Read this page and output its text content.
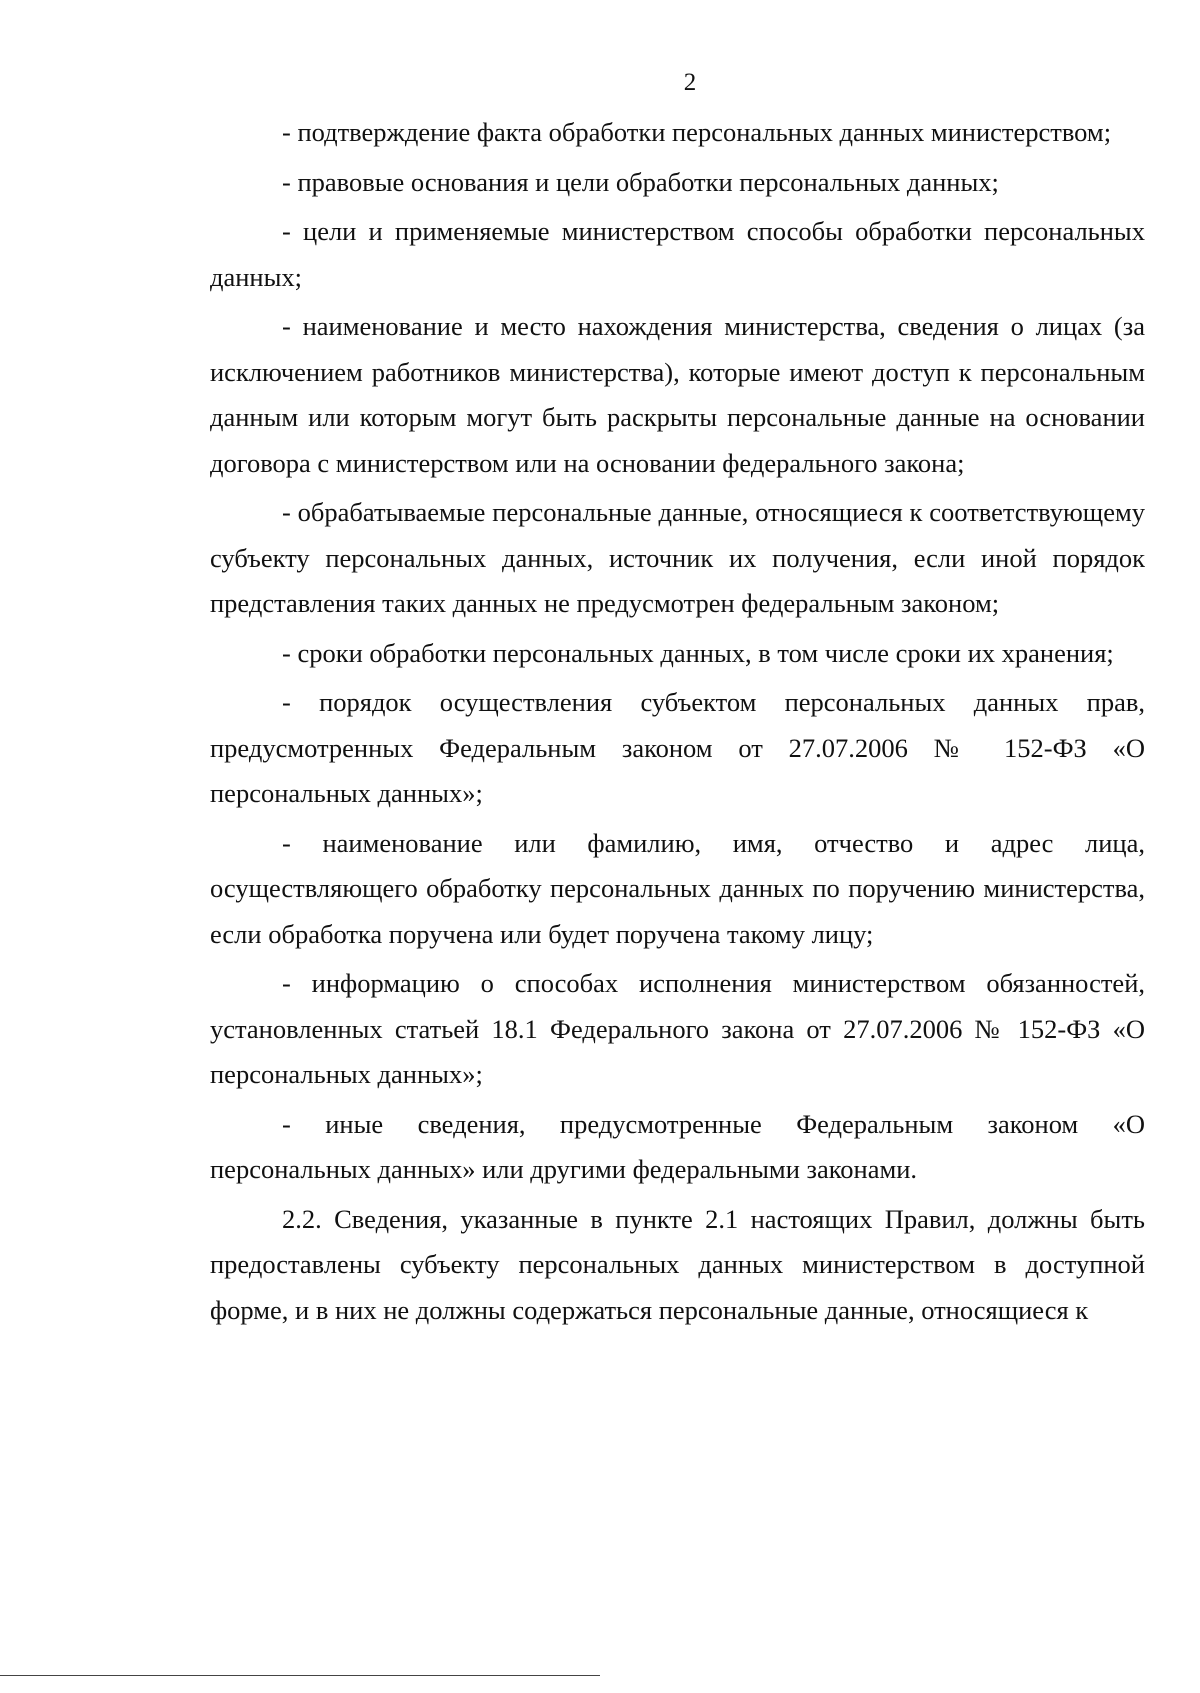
2

- подтверждение факта обработки персональных данных министерством;

- правовые основания и цели обработки персональных данных;

- цели и применяемые министерством способы обработки персональных данных;

- наименование и место нахождения министерства, сведения о лицах (за исключением работников министерства), которые имеют доступ к персональным данным или которым могут быть раскрыты персональные данные на основании договора с министерством или на основании федерального закона;

- обрабатываемые персональные данные, относящиеся к соответствующему субъекту персональных данных, источник их получения, если иной порядок представления таких данных не предусмотрен федеральным законом;

- сроки обработки персональных данных, в том числе сроки их хранения;

- порядок осуществления субъектом персональных данных прав, предусмотренных Федеральным законом от 27.07.2006 № 152-ФЗ «О персональных данных»;

- наименование или фамилию, имя, отчество и адрес лица, осуществляющего обработку персональных данных по поручению министерства, если обработка поручена или будет поручена такому лицу;

- информацию о способах исполнения министерством обязанностей, установленных статьей 18.1 Федерального закона от 27.07.2006 № 152-ФЗ «О персональных данных»;

- иные сведения, предусмотренные Федеральным законом «О персональных данных» или другими федеральными законами.

2.2. Сведения, указанные в пункте 2.1 настоящих Правил, должны быть предоставлены субъекту персональных данных министерством в доступной форме, и в них не должны содержаться персональные данные, относящиеся к
